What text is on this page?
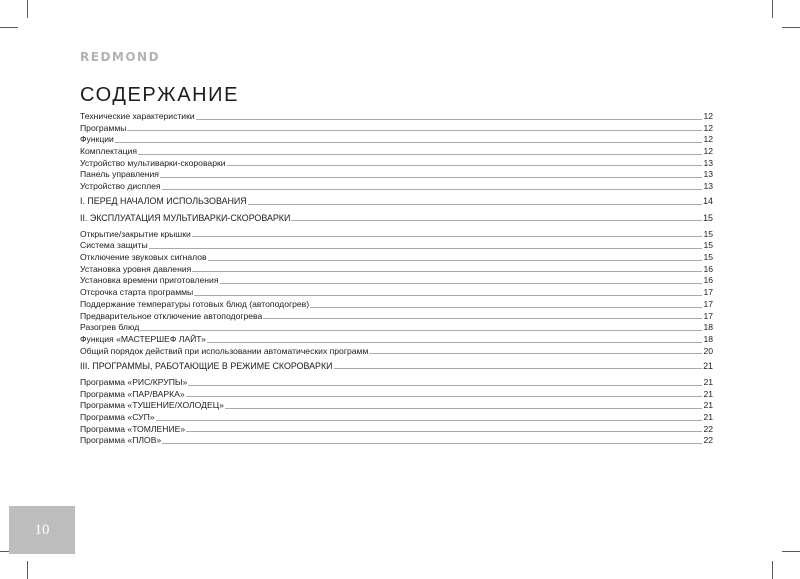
REDMOND
СОДЕРЖАНИЕ
Технические характеристики	12
Программы	12
Функции	12
Комплектация	12
Устройство мультиварки-скороварки	13
Панель управления	13
Устройство дисплея	13
I. ПЕРЕД НАЧАЛОМ ИСПОЛЬЗОВАНИЯ	14
II. ЭКСПЛУАТАЦИЯ МУЛЬТИВАРКИ-СКОРОВАРКИ	15
Открытие/закрытие крышки	15
Система защиты	15
Отключение звуковых сигналов	15
Установка уровня давления	16
Установка времени приготовления	16
Отсрочка старта программы	17
Поддержание температуры готовых блюд (автоподогрев)	17
Предварительное отключение автоподогрева	17
Разогрев блюд	18
Функция «МАСТЕРШЕФ ЛАЙТ»	18
Общий порядок действий при использовании автоматических программ	20
III. ПРОГРАММЫ, РАБОТАЮЩИЕ В РЕЖИМЕ СКОРОВАРКИ	21
Программа «РИС/КРУПЫ»	21
Программа «ПАР/ВАРКА»	21
Программа «ТУШЕНИЕ/ХОЛОДЕЦ»	21
Программа «СУП»	21
Программа «ТОМЛЕНИЕ»	22
Программа «ПЛОВ»	22
10
